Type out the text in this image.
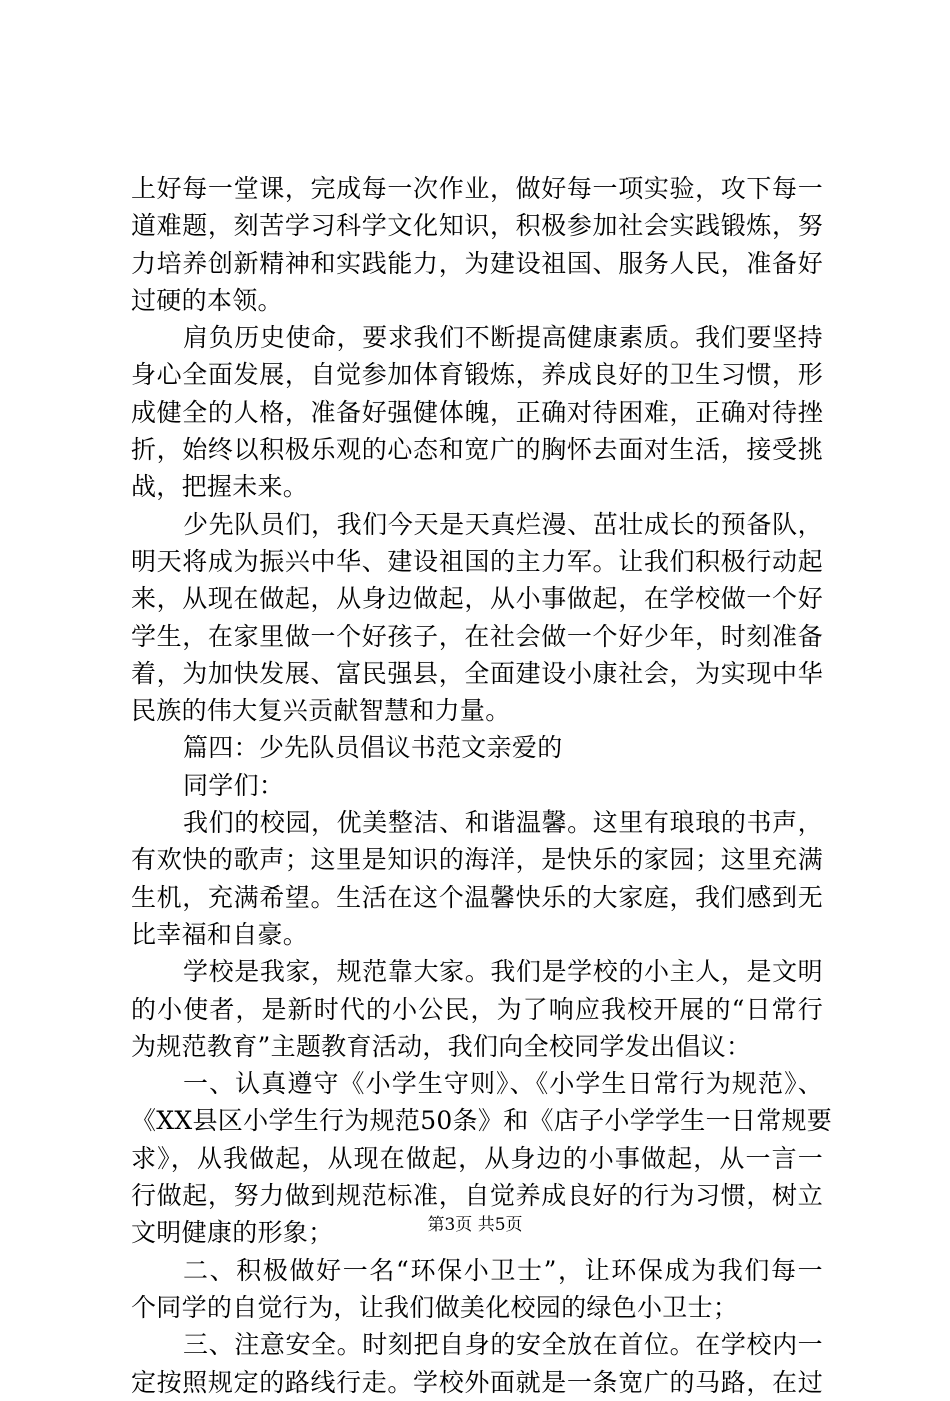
上好每一堂课，完成每一次作业，做好每一项实验，攻下每一
道难题，刻苦学习科学文化知识，积极参加社会实践锻炼，努
力培养创新精神和实践能力，为建设祖国、服务人民，准备好
过硬的本领。
肩负历史使命，要求我们不断提高健康素质。我们要坚持
身心全面发展，自觉参加体育锻炼，养成良好的卫生习惯，形
成健全的人格，准备好强健体魄，正确对待困难，正确对待挫
折，始终以积极乐观的心态和宽广的胸怀去面对生活，接受挑
战，把握未来。
少先队员们，我们今天是天真烂漫、茁壮成长的预备队，
明天将成为振兴中华、建设祖国的主力军。让我们积极行动起
来，从现在做起，从身边做起，从小事做起，在学校做一个好
学生，在家里做一个好孩子，在社会做一个好少年，时刻准备
着，为加快发展、富民强县，全面建设小康社会，为实现中华
民族的伟大复兴贡献智慧和力量。
篇四：少先队员倡议书范文亲爱的
同学们：
我们的校园，优美整洁、和谐温馨。这里有琅琅的书声，
有欢快的歌声；这里是知识的海洋，是快乐的家园；这里充满
生机，充满希望。生活在这个温馨快乐的大家庭，我们感到无
比幸福和自豪。
学校是我家，规范靠大家。我们是学校的小主人，是文明
的小使者，是新时代的小公民，为了响应我校开展的“日常行
为规范教育”主题教育活动，我们向全校同学发出倡议：
一、认真遵守《小学生守则》、《小学生日常行为规范》、
《XX县区小学生行为规范50条》和《店子小学学生一日常规要
求》，从我做起，从现在做起，从身边的小事做起，从一言一
行做起，努力做到规范标准，自觉养成良好的行为习惯，树立
文明健康的形象；
二、积极做好一名“环保小卫士”，让环保成为我们每一
个同学的自觉行为，让我们做美化校园的绿色小卫士；
三、注意安全。时刻把自身的安全放在首位。在学校内一
定按照规定的路线行走。学校外面就是一条宽广的马路，在过
第3页 共5页
